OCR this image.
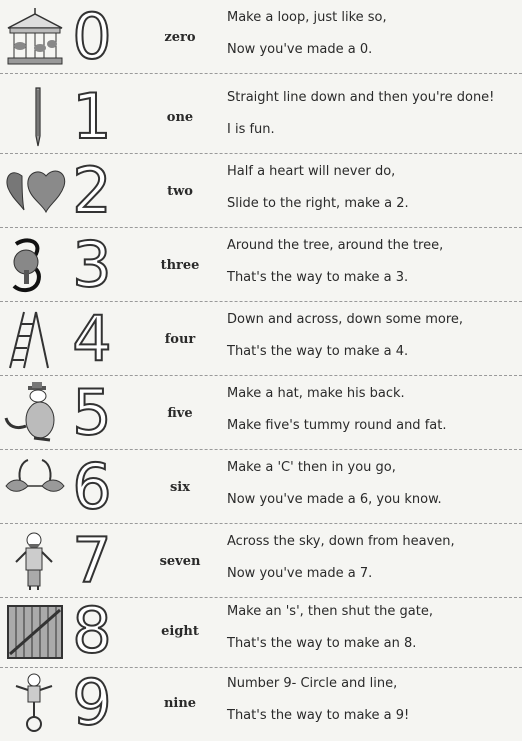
0	zero
Make a loop, just like so,
Now you've made a 0.
1	one
Straight line down and then you're done!
I is fun.
2	two
Half a heart will never do,
Slide to the right, make a 2.
3	three
Around the tree, around the tree,
That's the way to make a 3.
4	four
Down and across, down some more,
That's the way to make a 4.
5	five
Make a hat, make his back.
Make five's tummy round and fat.
6	six
Make a 'C' then in you go,
Now you've made a 6, you know.
7	seven
Across the sky, down from heaven,
Now you've made a 7.
8	eight
Make an 's', then shut the gate,
That's the way to make an 8.
9	nine
Number 9- Circle and line,
That's the way to make a 9!
